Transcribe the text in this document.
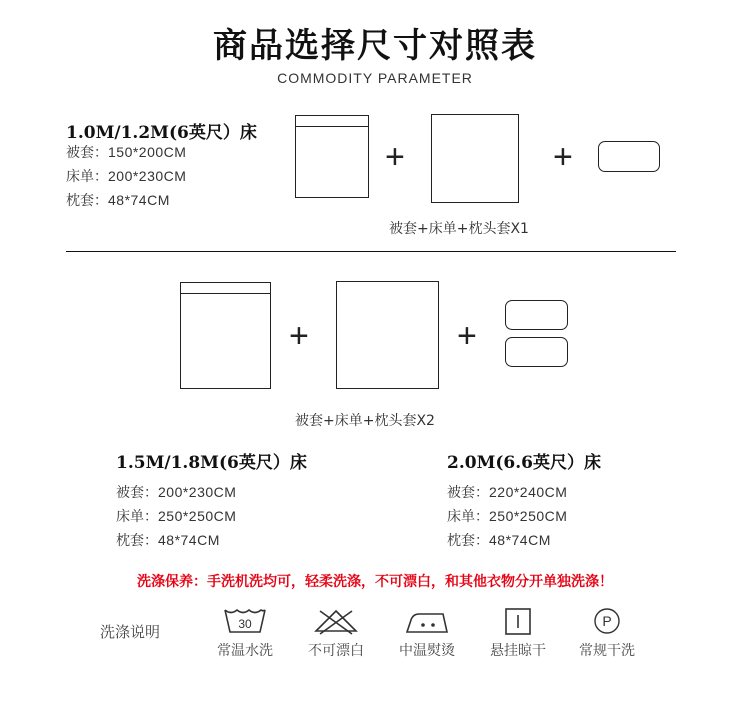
商品选择尺寸对照表
COMMODITY PARAMETER
1.0M/1.2M(6英尺）床
被套：150*200CM
床单：200*230CM
枕套：48*74CM
+	+
被套+床单+枕头套X1
+	+
被套+床单+枕头套X2
1.5M/1.8M(6英尺）床
被套：200*230CM
床单：250*250CM
枕套：48*74CM
2.0M(6.6英尺）床
被套：220*240CM
床单：250*250CM
枕套：48*74CM
洗涤保养：手洗机洗均可，轻柔洗涤，不可漂白，和其他衣物分开单独洗涤！
洗涤说明	30
常温水洗	不可漂白	中温熨烫	悬挂晾干
P
常规干洗
